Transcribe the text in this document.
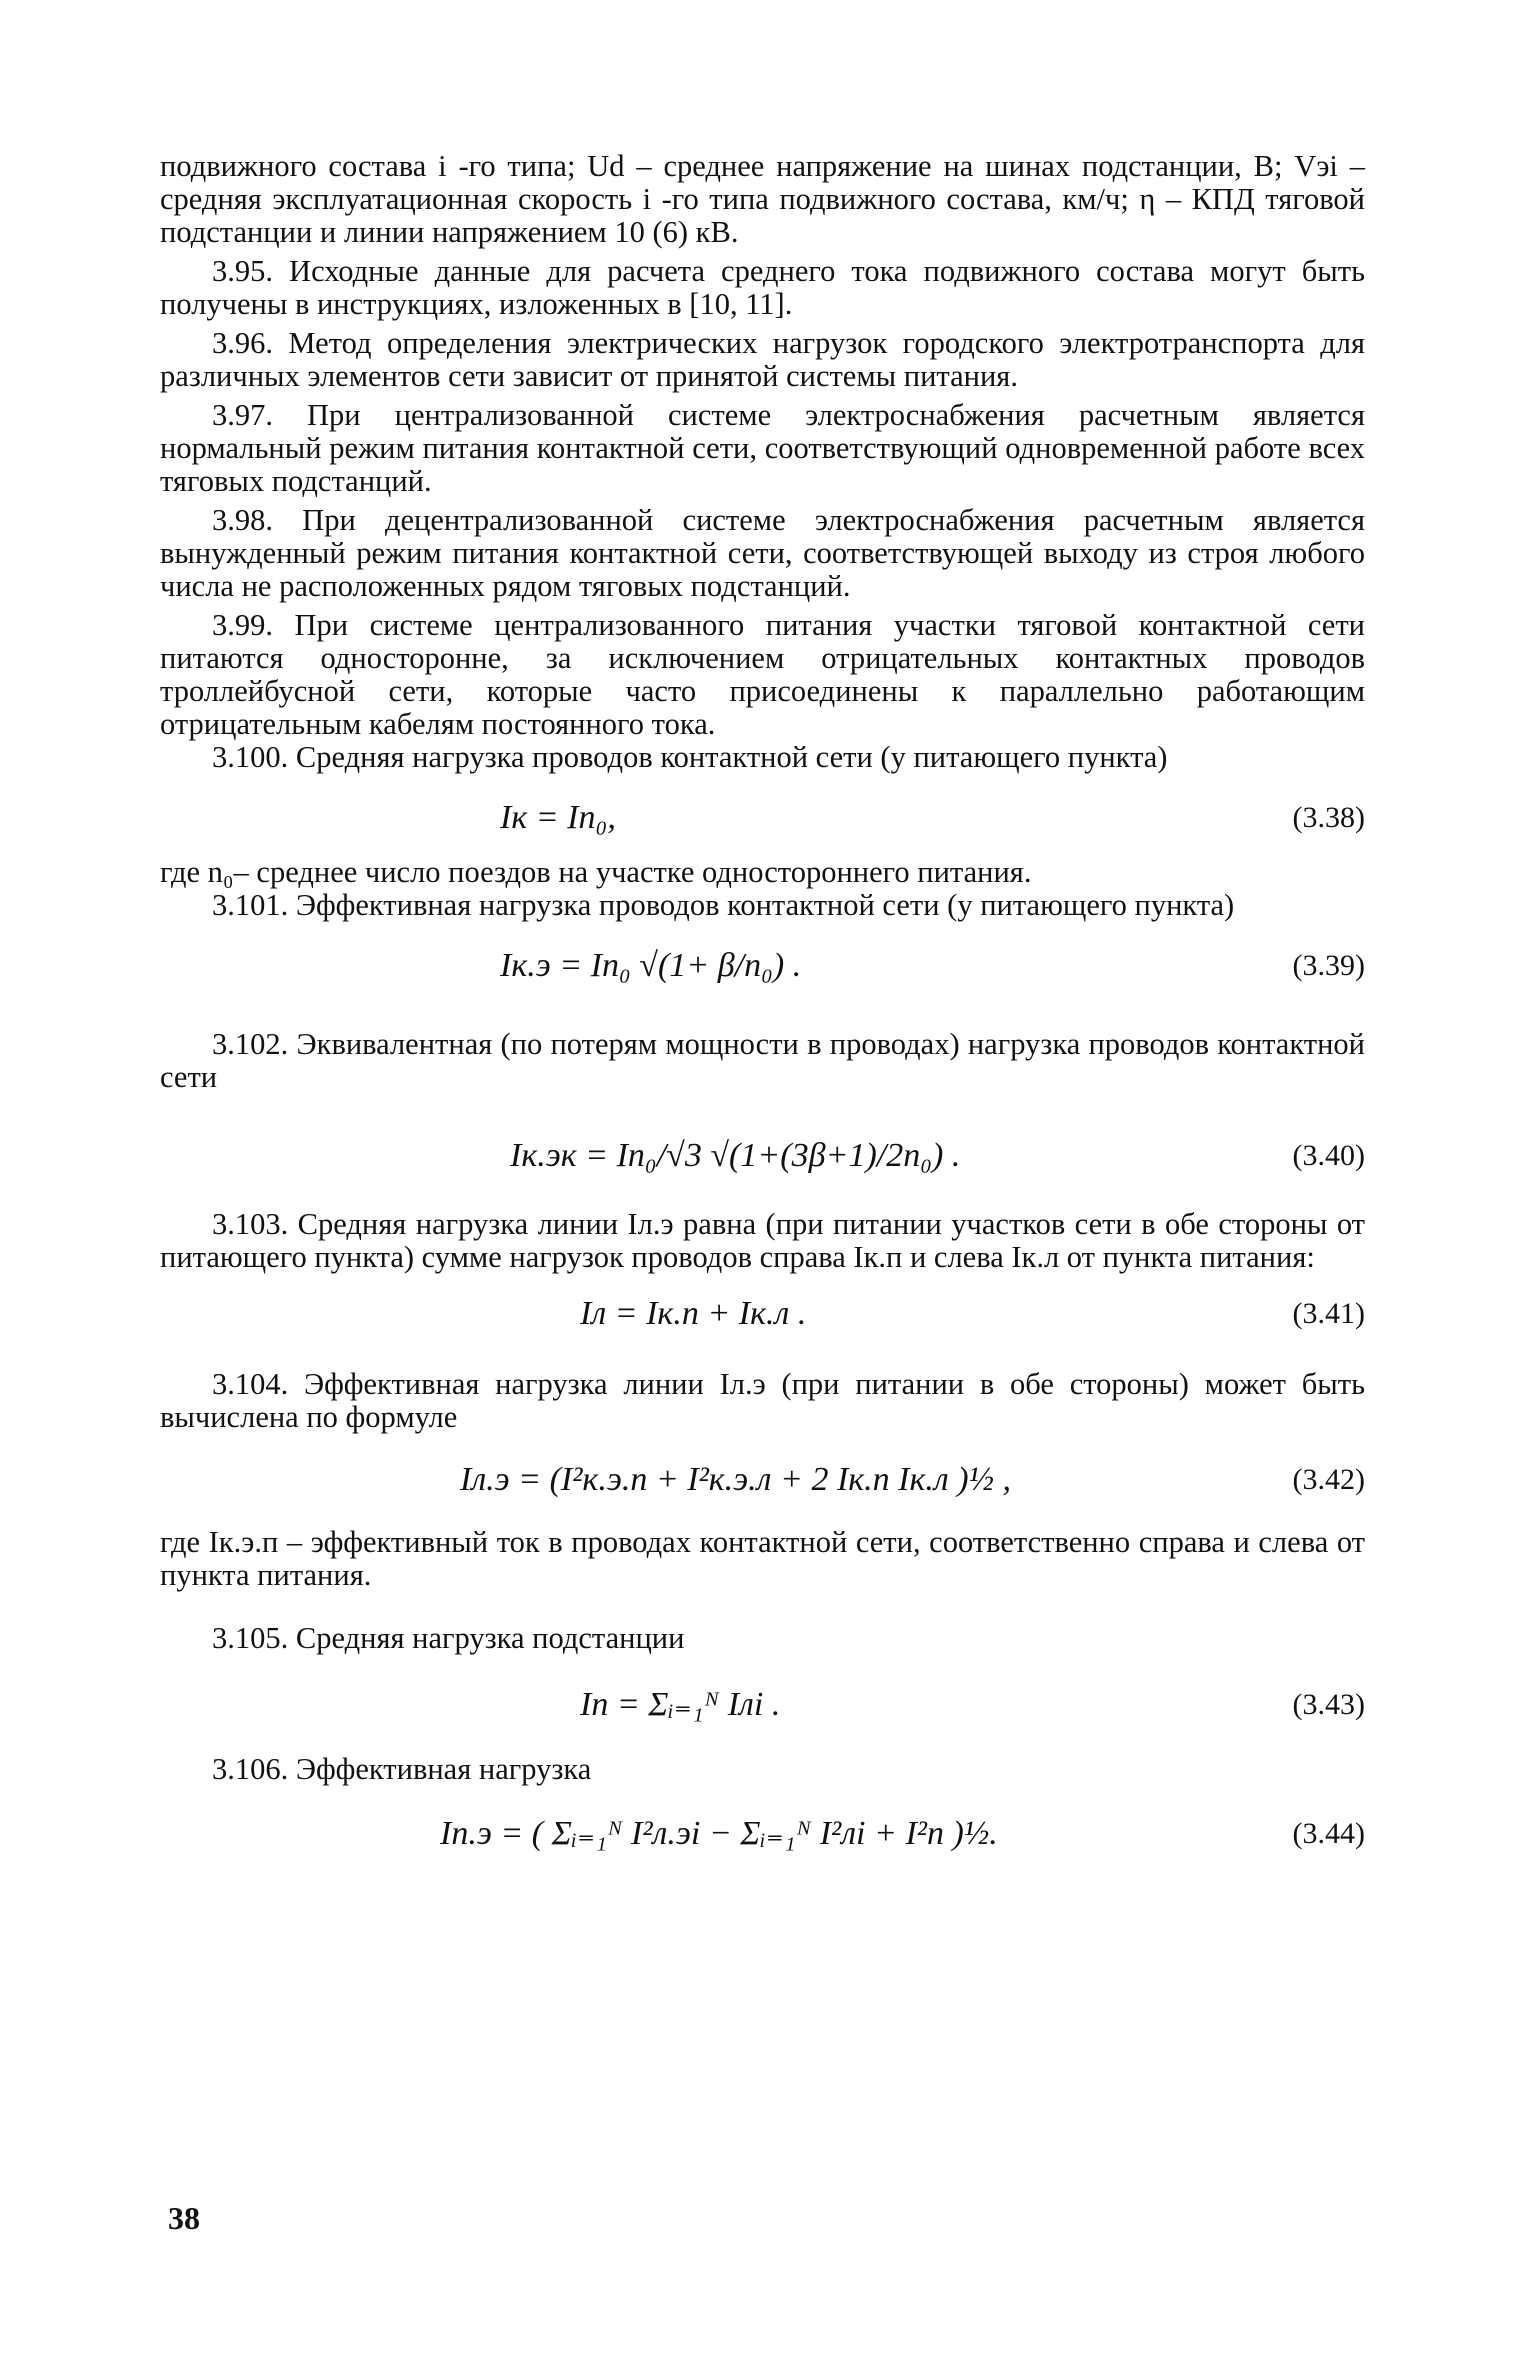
подвижного состава i -го типа; Ud – среднее напряжение на шинах подстанции, В; Vэi – средняя эксплуатационная скорость i -го типа подвижного состава, км/ч; η – КПД тяговой подстанции и линии напряжением 10 (6) кВ.

3.95. Исходные данные для расчета среднего тока подвижного состава могут быть получены в инструкциях, изложенных в [10, 11].

3.96. Метод определения электрических нагрузок городского электротранспорта для различных элементов сети зависит от принятой системы питания.

3.97. При централизованной системе электроснабжения расчетным является нормальный режим питания контактной сети, соответствующий одновременной работе всех тяговых подстанций.

3.98. При децентрализованной системе электроснабжения расчетным является вынужденный режим питания контактной сети, соответствующей выходу из строя любого числа не расположенных рядом тяговых подстанций.

3.99. При системе централизованного питания участки тяговой контактной сети питаются односторонне, за исключением отрицательных контактных проводов троллейбусной сети, которые часто присоединены к параллельно работающим отрицательным кабелям постоянного тока.

3.100. Средняя нагрузка проводов контактной сети (у питающего пункта)

Iк = Ιn₀,	(3.38)

где n₀– среднее число поездов на участке одностороннего питания.

3.101. Эффективная нагрузка проводов контактной сети (у питающего пункта)

Iк.э = Ιn₀ √(1+ β/n₀) .	(3.39)

3.102. Эквивалентная (по потерям мощности в проводах) нагрузка проводов контактной сети

Iк.эк = Ιn₀/√3 √(1+(3β+1)/2n₀) .	(3.40)

3.103. Средняя нагрузка линии Iл.э равна (при питании участков сети в обе стороны от питающего пункта) сумме нагрузок проводов справа Iк.п и слева Iк.л от пункта питания:

Iл = Iк.п + Iк.л .	(3.41)

3.104. Эффективная нагрузка линии Iл.э (при питании в обе стороны) может быть вычислена по формуле

Iл.э = (I²к.э.п + I²к.э.л + 2 Iк.п Iк.л )½ ,	(3.42)

где Iк.э.п – эффективный ток в проводах контактной сети, соответственно справа и слева от пункта питания.

3.105. Средняя нагрузка подстанции

Iп = Σᵢ₌₁ᴺ Iлi .	(3.43)

3.106. Эффективная нагрузка

Iп.э = ( Σᵢ₌₁ᴺ I²л.эi − Σᵢ₌₁ᴺ I²лi + I²п )½.	(3.44)
38
